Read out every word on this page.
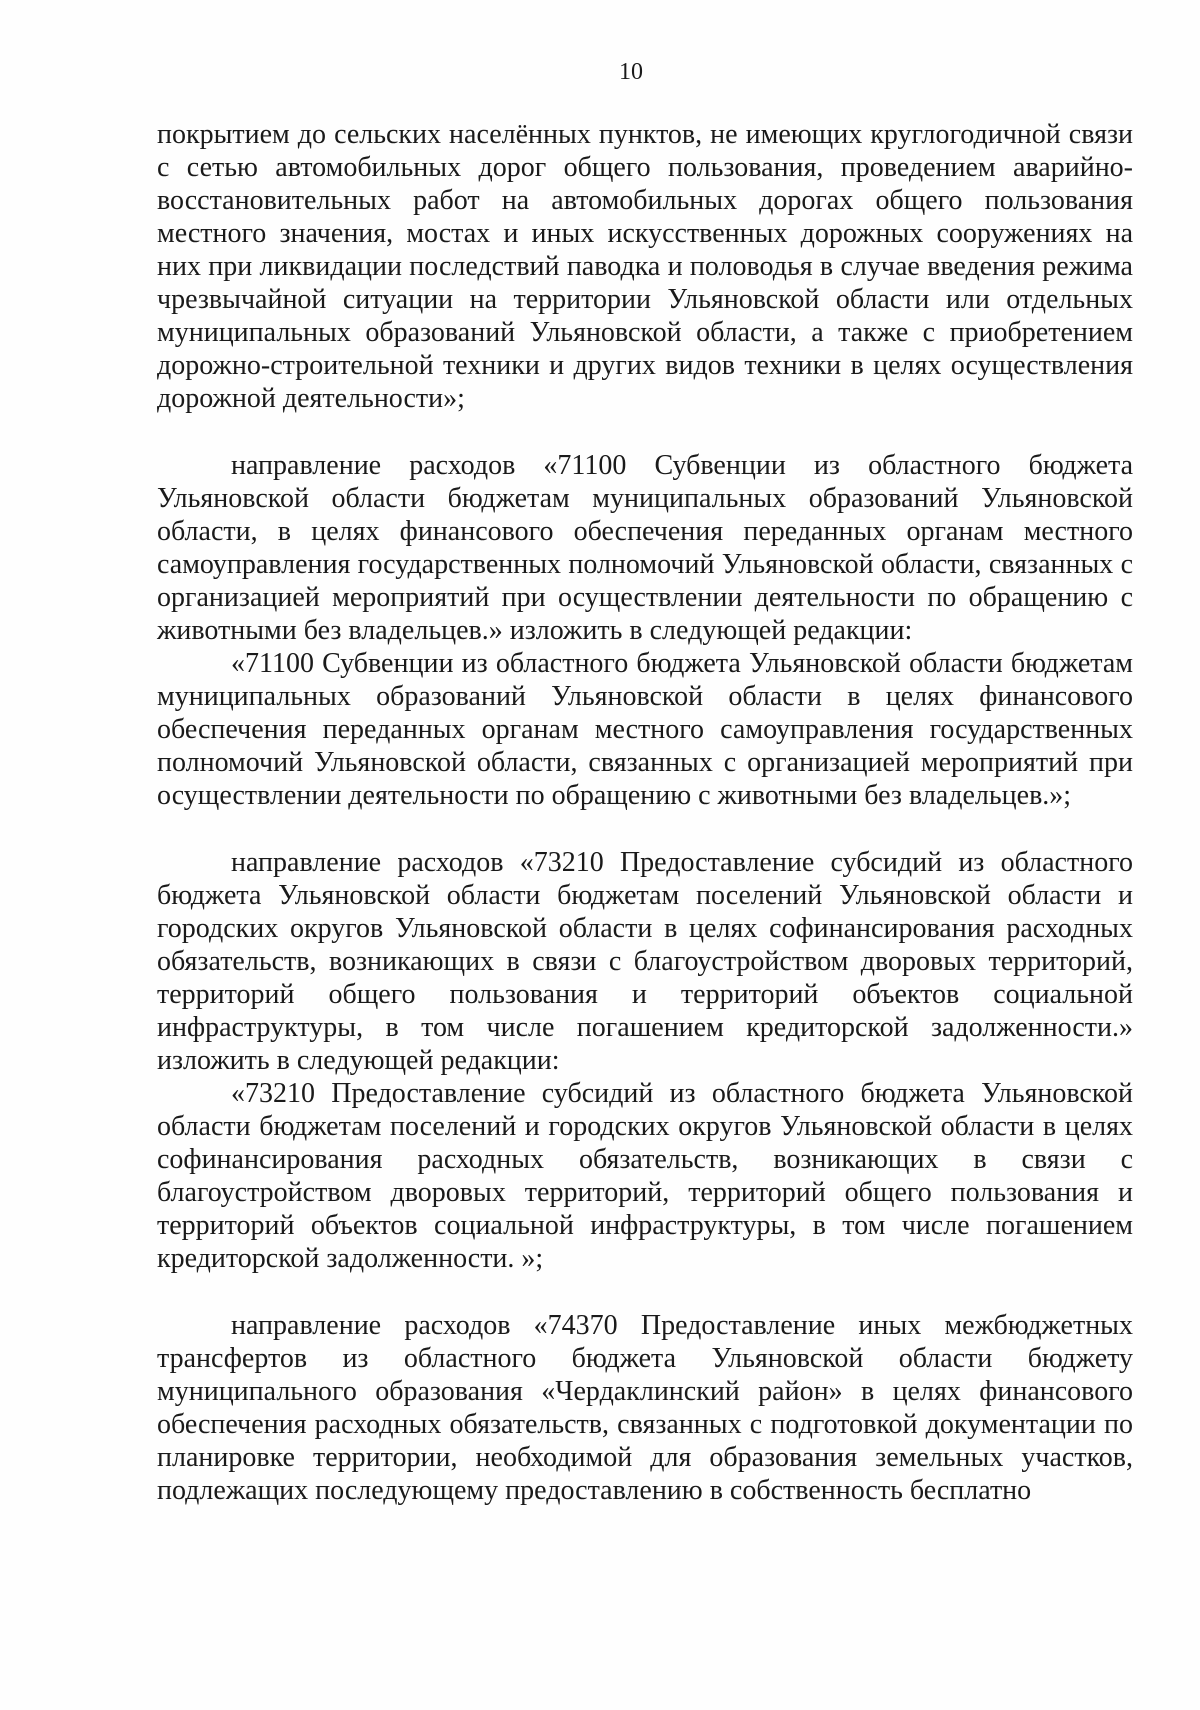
10

покрытием до сельских населённых пунктов, не имеющих круглогодичной связи с сетью автомобильных дорог общего пользования, проведением аварийно-восстановительных работ на автомобильных дорогах общего пользования местного значения, мостах и иных искусственных дорожных сооружениях на них при ликвидации последствий паводка и половодья в случае введения режима чрезвычайной ситуации на территории Ульяновской области или отдельных муниципальных образований Ульяновской области, а также с приобретением дорожно-строительной техники и других видов техники в целях осуществления дорожной деятельности»;

направление расходов «71100 Субвенции из областного бюджета Ульяновской области бюджетам муниципальных образований Ульяновской области, в целях финансового обеспечения переданных органам местного самоуправления государственных полномочий Ульяновской области, связанных с организацией мероприятий при осуществлении деятельности по обращению с животными без владельцев.» изложить в следующей редакции:

«71100 Субвенции из областного бюджета Ульяновской области бюджетам муниципальных образований Ульяновской области в целях финансового обеспечения переданных органам местного самоуправления государственных полномочий Ульяновской области, связанных с организацией мероприятий при осуществлении деятельности по обращению с животными без владельцев.»;

направление расходов «73210 Предоставление субсидий из областного бюджета Ульяновской области бюджетам поселений Ульяновской области и городских округов Ульяновской области в целях софинансирования расходных обязательств, возникающих в связи с благоустройством дворовых территорий, территорий общего пользования и территорий объектов социальной инфраструктуры, в том числе погашением кредиторской задолженности.» изложить в следующей редакции:

«73210 Предоставление субсидий из областного бюджета Ульяновской области бюджетам поселений и городских округов Ульяновской области в целях софинансирования расходных обязательств, возникающих в связи с благоустройством дворовых территорий, территорий общего пользования и территорий объектов социальной инфраструктуры, в том числе погашением кредиторской задолженности. »;

направление расходов «74370 Предоставление иных межбюджетных трансфертов из областного бюджета Ульяновской области бюджету муниципального образования «Чердаклинский район» в целях финансового обеспечения расходных обязательств, связанных с подготовкой документации по планировке территории, необходимой для образования земельных участков, подлежащих последующему предоставлению в собственность бесплатно
